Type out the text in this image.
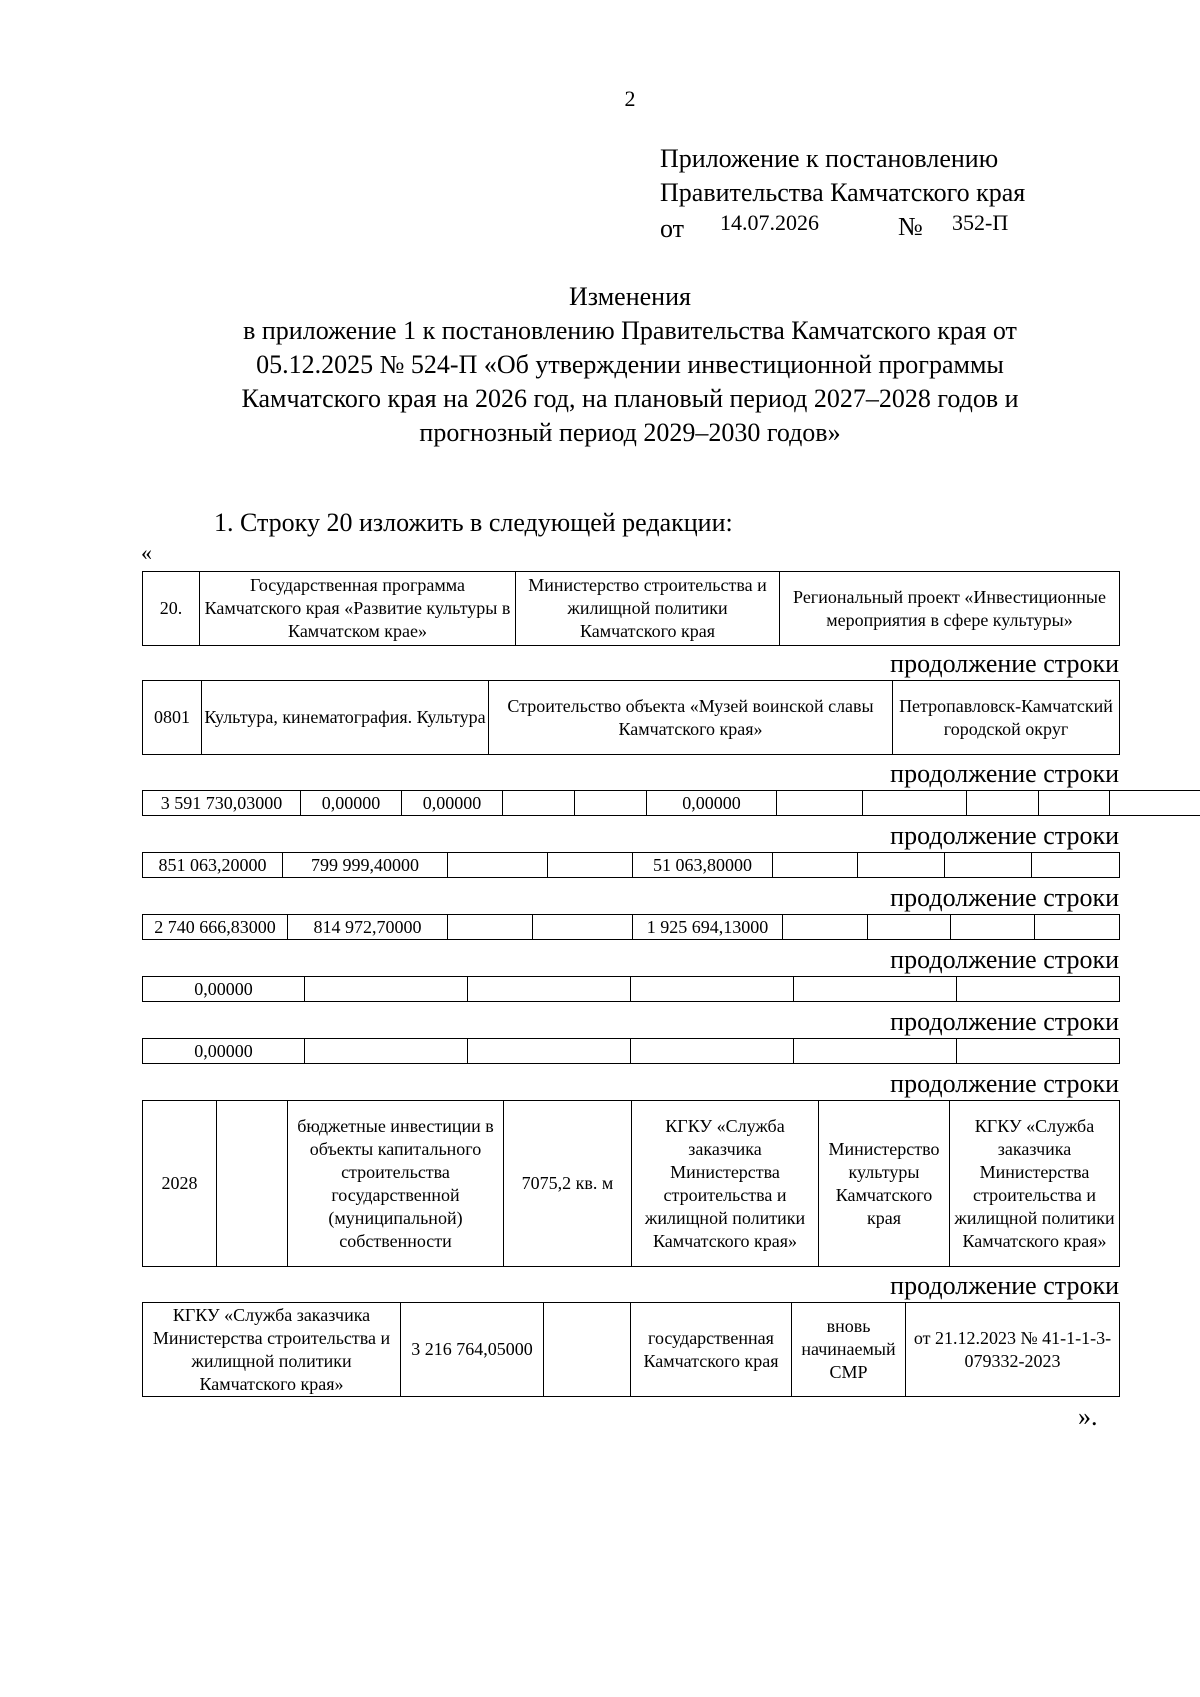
2
Приложение к постановлению
Правительства Камчатского края
от 14.07.2026	№ 352-П
Изменения
в приложение 1 к постановлению Правительства Камчатского края от
05.12.2025 № 524-П «Об утверждении инвестиционной программы
Камчатского края на 2026 год, на плановый период 2027–2028 годов и
прогнозный период 2029–2030 годов»
1. Строку 20 изложить в следующей редакции:
«
20.	Государственная программа Камчатского края «Развитие культуры в Камчатском крае»	Министерство строительства и жилищной политики Камчатского края	Региональный проект «Инвестиционные мероприятия в сфере культуры»
продолжение строки
0801	Культура, кинематография. Культура	Строительство объекта «Музей воинской славы Камчатского края»	Петропавловск-Камчатский городской округ
продолжение строки
3 591 730,03000	0,00000	0,00000			0,00000					
продолжение строки
851 063,20000	799 999,40000			51 063,80000				
продолжение строки
2 740 666,83000	814 972,70000			1 925 694,13000				
продолжение строки
0,00000					
продолжение строки
0,00000					
продолжение строки
2028		бюджетные инвестиции в объекты капитального строительства государственной (муниципальной) собственности	7075,2 кв. м	КГКУ «Служба заказчика Министерства строительства и жилищной политики Камчатского края»	Министерство культуры Камчатского края	КГКУ «Служба заказчика Министерства строительства и жилищной политики Камчатского края»
продолжение строки
КГКУ «Служба заказчика Министерства строительства и жилищной политики Камчатского края»	3 216 764,05000		государственная Камчатского края	вновь начинаемый СМР	от 21.12.2023 № 41-1-1-3-079332-2023
».
